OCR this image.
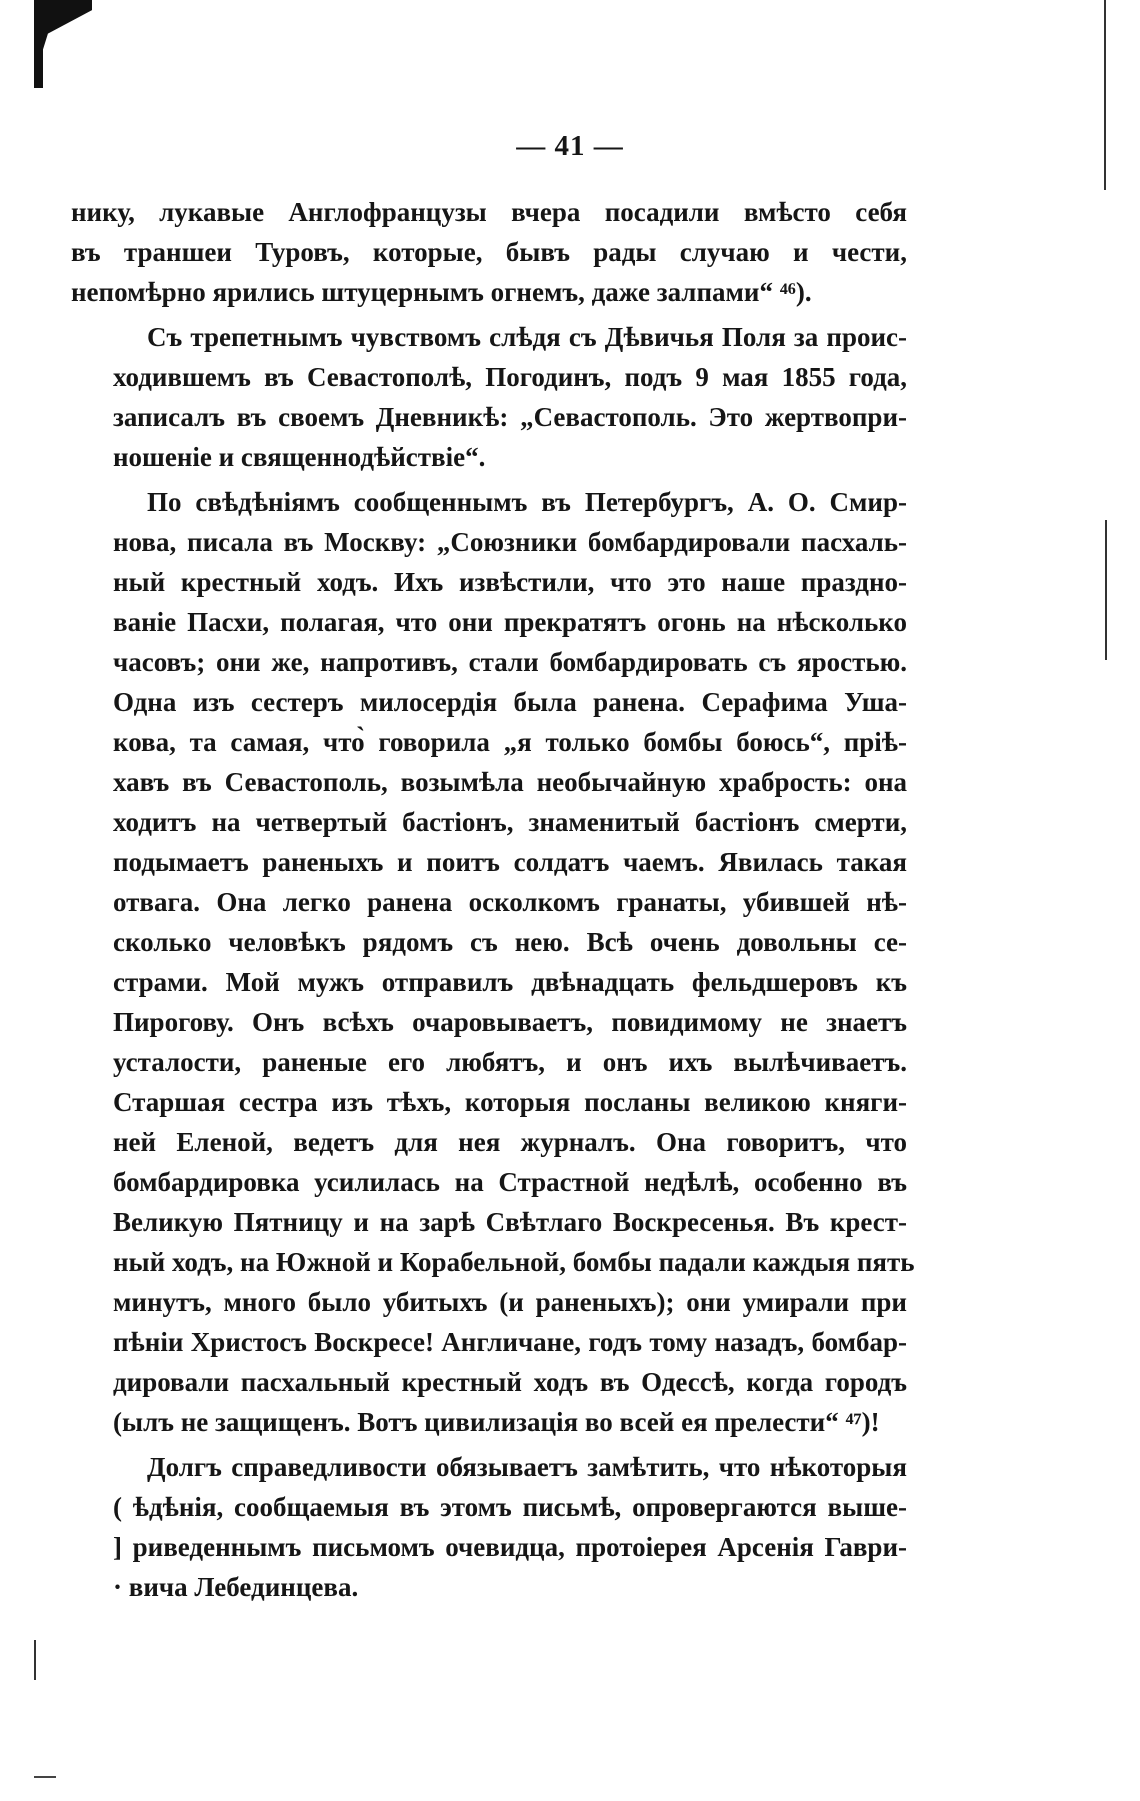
— 41 —
нику, лукавые Англофранцузы вчера посадили вмѣсто себя
въ траншеи Туровъ, которые, бывъ рады случаю и чести,
непомѣрно ярились штуцернымъ огнемъ, даже залпами“ ⁴⁶).
Съ трепетнымъ чувствомъ слѣдя съ Дѣвичья Поля за проис-
ходившемъ въ Севастополѣ, Погодинъ, подъ 9 мая 1855 года,
записалъ въ своемъ Дневникѣ: „Севастополь. Это жертвопри-
ношеніе и священнодѣйствіе“.
По свѣдѣніямъ сообщеннымъ въ Петербургъ, А. О. Смир-
нова, писала въ Москву: „Союзники бомбардировали пасхаль-
ный крестный ходъ. Ихъ извѣстили, что это наше праздно-
ваніе Пасхи, полагая, что они прекратятъ огонь на нѣсколько
часовъ; они же, напротивъ, стали бомбардировать съ яростью.
Одна изъ сестеръ милосердія была ранена. Серафима Уша-
кова, та самая, что̀ говорила „я только бомбы боюсь“, пріѣ-
хавъ въ Севастополь, возымѣла необычайную храбрость: она
ходитъ на четвертый бастіонъ, знаменитый бастіонъ смерти,
подымаетъ раненыхъ и поитъ солдатъ чаемъ. Явилась такая
отвага. Она легко ранена осколкомъ гранаты, убившей нѣ-
сколько человѣкъ рядомъ съ нею. Всѣ очень довольны се-
страми. Мой мужъ отправилъ двѣнадцать фельдшеровъ къ
Пирогову. Онъ всѣхъ очаровываетъ, повидимому не знаетъ
усталости, раненые его любятъ, и онъ ихъ вылѣчиваетъ.
Старшая сестра изъ тѣхъ, которыя посланы великою княги-
ней Еленой, ведетъ для нея журналъ. Она говоритъ, что
бомбардировка усилилась на Страстной недѣлѣ, особенно въ
Великую Пятницу и на зарѣ Свѣтлаго Воскресенья. Въ крест-
ный ходъ, на Южной и Корабельной, бомбы падали каждыя пять
минутъ, много было убитыхъ (и раненыхъ); они умирали при
пѣніи Христосъ Воскресе! Англичане, годъ тому назадъ, бомбар-
дировали пасхальный крестный ходъ въ Одессѣ, когда городъ
(ылъ не защищенъ. Вотъ цивилизація во всей ея прелести“ ⁴⁷)!
Долгъ справедливости обязываетъ замѣтить, что нѣкоторыя
( ѣдѣнія, сообщаемыя въ этомъ письмѣ, опровергаются выше-
] риведеннымъ письмомъ очевидца, протоіерея Арсенія Гаври-
· вича Лебединцева.
